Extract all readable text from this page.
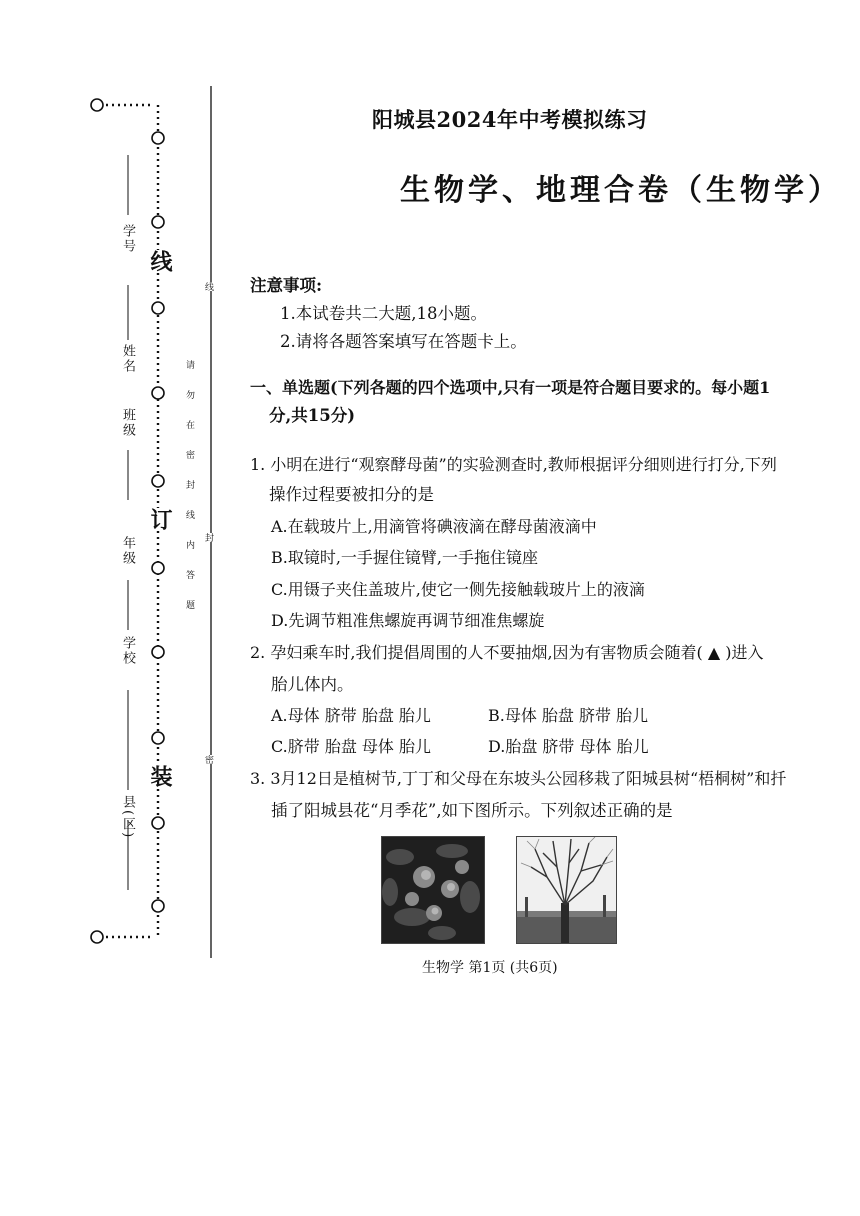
学号
姓名
班级
年级
学校
县(区)
线
订
装
线
封
密
请勿在密封线内答题
阳城县2024年中考模拟练习
生物学、地理合卷（生物学）
注意事项:
1.本试卷共二大题,18小题。
2.请将各题答案填写在答题卡上。
一、单选题(下列各题的四个选项中,只有一项是符合题目要求的。每小题1
分,共15分)
1. 小明在进行“观察酵母菌”的实验测查时,教师根据评分细则进行打分,下列
操作过程要被扣分的是
A.在载玻片上,用滴管将碘液滴在酵母菌液滴中
B.取镜时,一手握住镜臂,一手拖住镜座
C.用镊子夹住盖玻片,使它一侧先接触载玻片上的液滴
D.先调节粗准焦螺旋再调节细准焦螺旋
2. 孕妇乘车时,我们提倡周围的人不要抽烟,因为有害物质会随着( ▲ )进入
胎儿体内。
A.母体 脐带 胎盘 胎儿	B.母体 胎盘 脐带 胎儿
C.脐带 胎盘 母体 胎儿	D.胎盘 脐带 母体 胎儿
3. 3月12日是植树节,丁丁和父母在东坡头公园移栽了阳城县树“梧桐树”和扦
插了阳城县花“月季花”,如下图所示。下列叙述正确的是
生物学 第1页 (共6页)
